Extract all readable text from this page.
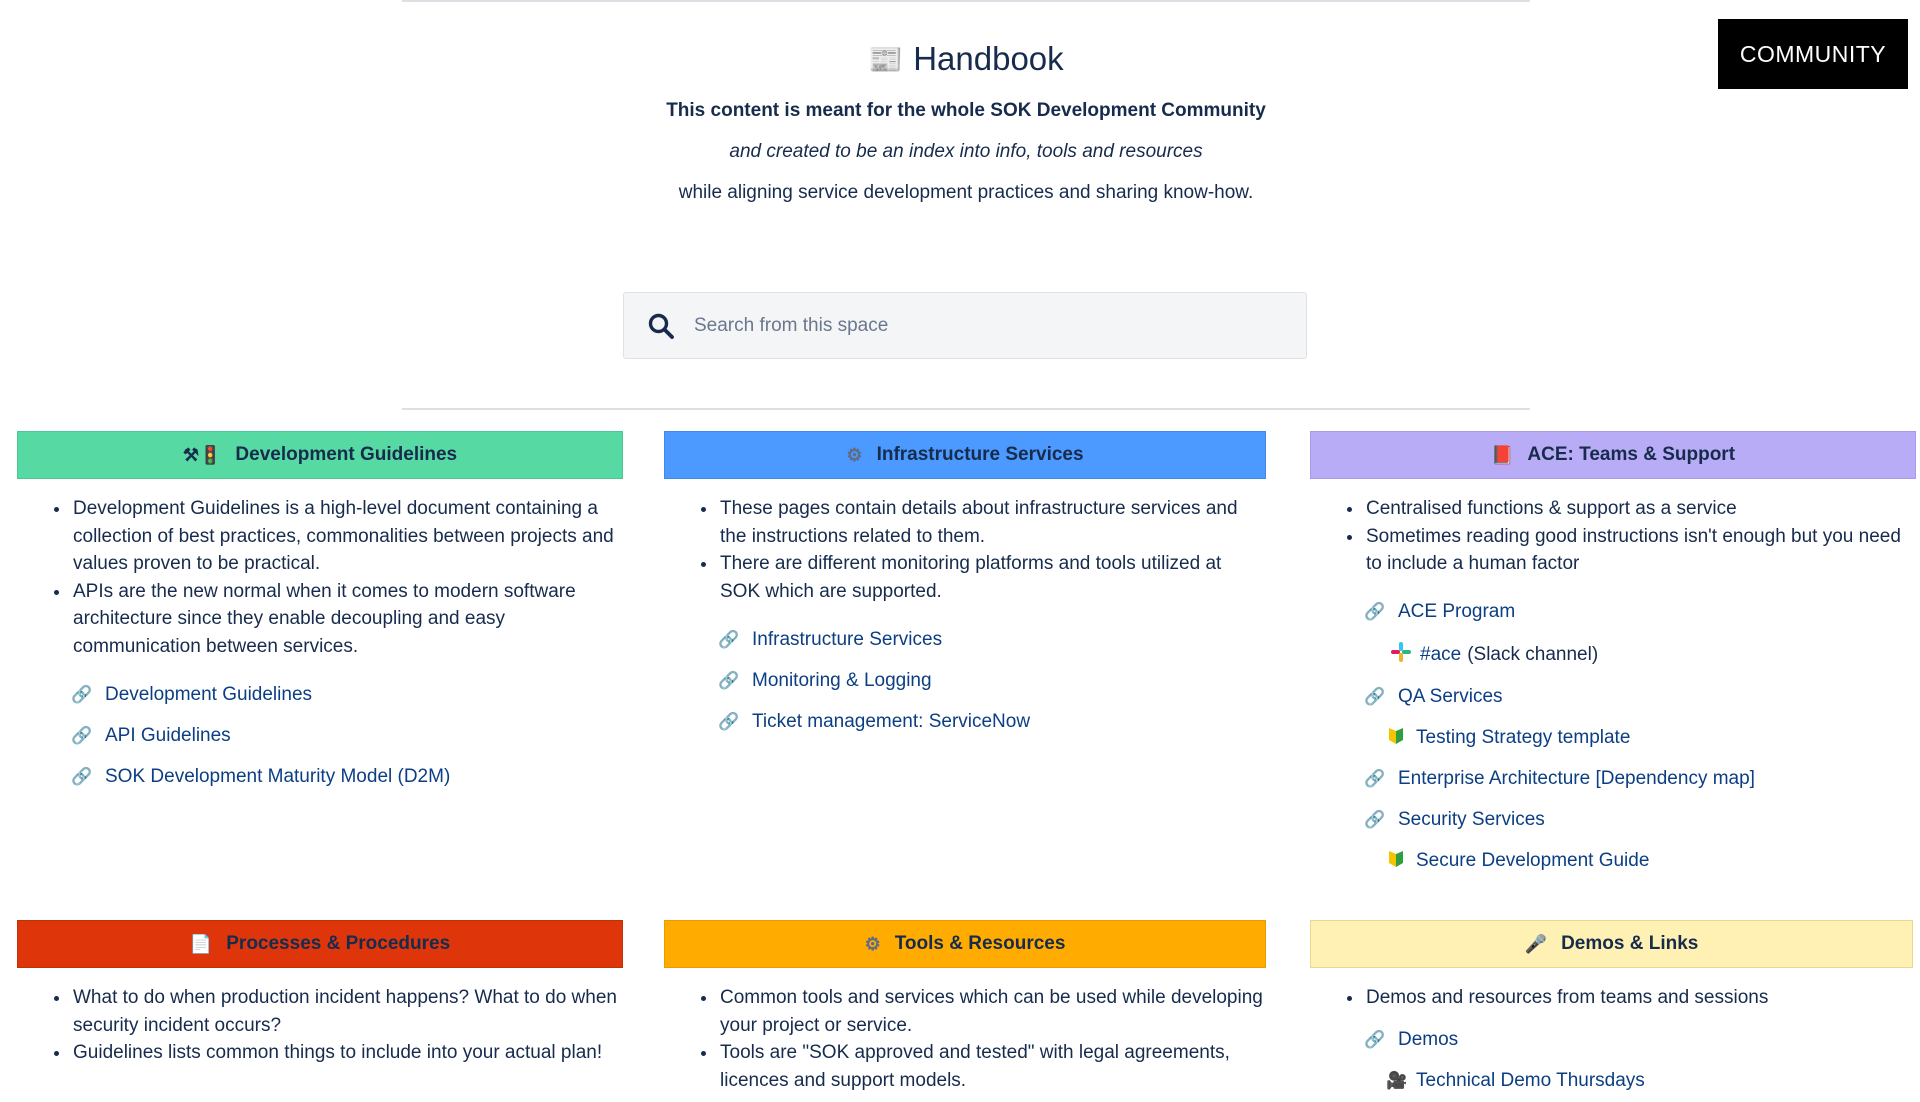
COMMUNITY
📰 Handbook
This content is meant for the whole SOK Development Community
and created to be an index into info, tools and resources
while aligning service development practices and sharing know-how.
Search from this space
⚒🚦 Development Guidelines
• Development Guidelines is a high-level document containing a collection of best practices, commonalities between projects and values proven to be practical.
• APIs are the new normal when it comes to modern software architecture since they enable decoupling and easy communication between services.
🔗 Development Guidelines
🔗 API Guidelines
🔗 SOK Development Maturity Model (D2M)
⚙ Infrastructure Services
• These pages contain details about infrastructure services and the instructions related to them.
• There are different monitoring platforms and tools utilized at SOK which are supported.
🔗 Infrastructure Services
🔗 Monitoring & Logging
🔗 Ticket management: ServiceNow
📕 ACE: Teams & Support
• Centralised functions & support as a service
• Sometimes reading good instructions isn't enough but you need to include a human factor
🔗 ACE Program
#ace (Slack channel)
🔗 QA Services
Testing Strategy template
🔗 Enterprise Architecture [Dependency map]
🔗 Security Services
Secure Development Guide
📄 Processes & Procedures
• What to do when production incident happens? What to do when security incident occurs?
• Guidelines lists common things to include into your actual plan!
⚙ Tools & Resources
• Common tools and services which can be used while developing your project or service.
• Tools are "SOK approved and tested" with legal agreements, licences and support models.
🎤 Demos & Links
• Demos and resources from teams and sessions
🔗 Demos
🎥 Technical Demo Thursdays
